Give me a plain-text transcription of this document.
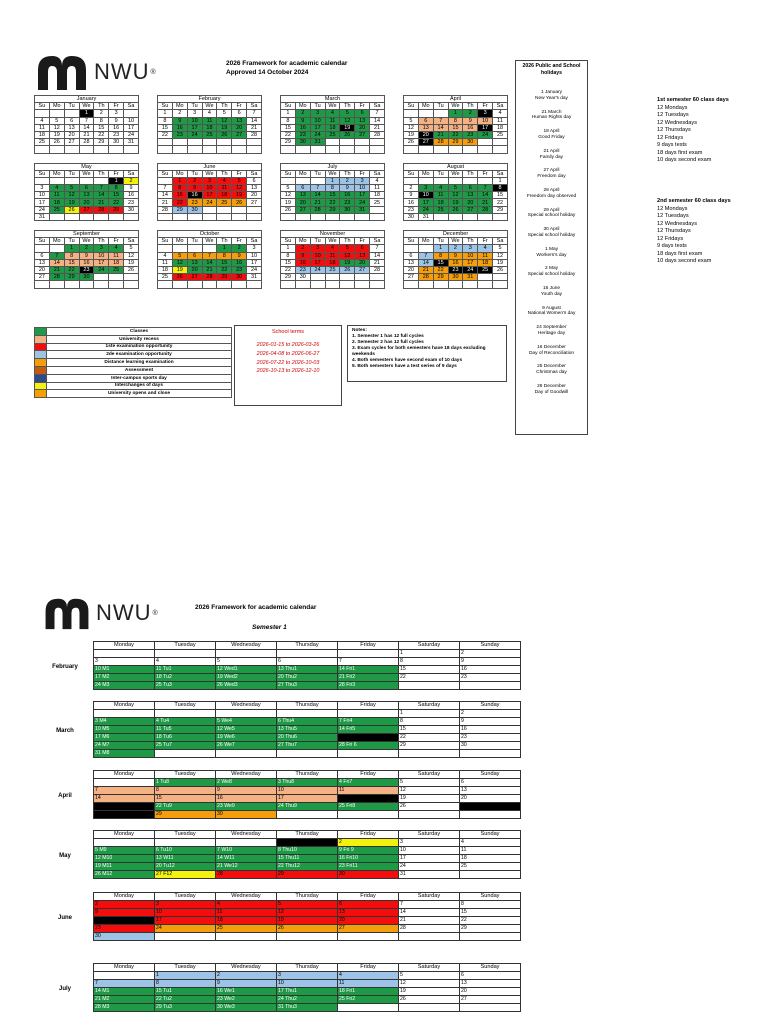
NWU ®
2026 Framework for academic calendar
Approved 14 October 2024
January						
Su	Mo	Tu	We	Th	Fr	Sa
			1	2	3	
4	5	6	7	8	9	10
11	12	13	14	15	16	17
18	19	20	21	22	23	24
25	26	27	28	29	30	31

February						
Su	Mo	Tu	We	Th	Fr	Sa
1	2	3	4	5	6	7
8	9	10	11	12	13	14
15	16	17	18	19	20	21
22	23	24	25	26	27	28

March						
Su	Mo	Tu	We	Th	Fr	Sa
1	2	3	4	5	6	7
8	9	10	11	12	13	14
15	16	17	18	19	20	21
22	23	24	25	26	27	28
29	30	31				

April						
Su	Mo	Tu	We	Th	Fr	Sa
			1	2	3	4
5	6	7	8	9	10	11
12	13	14	15	16	17	18
19	20	21	22	23	24	25
26	27	28	29	30		

May						
Su	Mo	Tu	We	Th	Fr	Sa
					1	2
3	4	5	6	7	8	9
10	11	12	13	14	15	16
17	18	19	20	21	22	23
24	25	26	27	28	29	30
31						
June						
Su	Mo	Tu	We	Th	Fr	Sa
	1	2	3	4	5	6
7	8	9	10	11	12	13
14	15	16	17	18	19	20
21	22	23	24	25	26	27
28	29	30				

July						
Su	Mo	Tu	We	Th	Fr	Sa
			1	2	3	4
5	6	7	8	9	10	11
12	13	14	15	16	17	18
19	20	21	22	23	24	25
26	27	28	29	30	31	

August						
Su	Mo	Tu	We	Th	Fr	Sa
						1
2	3	4	5	6	7	8
9	10	11	12	13	14	15
16	17	18	19	20	21	22
23	24	25	26	27	28	29
30	31					
September						
Su	Mo	Tu	We	Th	Fr	Sa
		1	2	3	4	5
6	7	8	9	10	11	12
13	14	15	16	17	18	19
20	21	22	23	24	25	26
27	28	29	30			

October						
Su	Mo	Tu	We	Th	Fr	Sa
				1	2	3
4	5	6	7	8	9	10
11	12	13	14	15	16	17
18	19	20	21	22	23	24
25	26	27	28	29	30	31

November						
Su	Mo	Tu	We	Th	Fr	Sa
1	2	3	4	5	6	7
8	9	10	11	12	13	14
15	16	17	18	19	20	21
22	23	24	25	26	27	28
29	30					

December						
Su	Mo	Tu	We	Th	Fr	Sa
		1	2	3	4	5
6	7	8	9	10	11	12
13	14	15	16	17	18	19
20	21	22	23	24	25	26
27	28	29	30	31		

	Classes
	University recess
	1ste examination opportunity
	2de examination opportunity
	Distance learning examination
	Assessment
	Inter-campus sports day
	Interchanges of days
	University opens and close
School terms
2026-01-15 to 2026-03-26
2026-04-08 to 2026-06-27
2026-07-22 to 2026-10-03
2026-10-13 to 2026-12-10
Notes:
1. Semester 1 has 12 full cycles
2. Semester 2 has 12 full cycles
3. Exam cycles for both semesters have 18 days excluding weekends
4. Both semesters have second exam of 10 days
5. Both semesters have a test series of 9 days
2026 Public and School holidays
1 January
New Year's day
21 March
Human Rights day
18 April
Good Friday
21 April
Family day
27 April
Freedom day
28 April
Freedom day observed
29 April
Special school holiday
30 April
Special school holiday
1 May
Workers's day
2 May
Special school holiday
16 June
Youth day
9 August
National Women's day
24 September
Heritage day
16 December
Day of Reconciliation
25 December
Christmas day
26 December
Day of Goodwill
1st semester 60 class days
12 Mondays
12 Tuesdays
12 Wednesdays
12 Thursdays
12 Fridays
9 days tests
18 days first exam
10 days second exam
2nd semester 60 class days
12 Mondays
12 Tuesdays
12 Wednesdays
12 Thursdays
12 Fridays
9 days tests
18 days first exam
10 days second exam
NWU ®
2026 Framework for academic calendar
Semester 1
February
Monday	Tuesday	Wednesday	Thursday	Friday	Saturday	Sunday
					1	2
3	4	5	6	7	8	9
10 M1	11 Tu1	12 Wed1	13 Thu1	14 Fri1	15	16
17 M2	18 Tu2	19 Wed2	20 Thu2	21 Fri2	22	23
24 M3	25 Tu3	26 Wed3	27 Thu3	28 Fri3		
March
Monday	Tuesday	Wednesday	Thursday	Friday	Saturday	Sunday
					1	2
3 M4	4 Tu4	5 We4	6 Thu4	7 Fri4	8	9
10 M5	11 Tu5	12 We5	13 Thu5	14 Fri5	15	16
17 M6	18 Tu6	19 We6	20 Thu6	21	22	23
24 M7	25 Tu7	26 We7	27 Thu7	28 Fri 6	29	30
31 M8						
April
Monday	Tuesday	Wednesday	Thursday	Friday	Saturday	Sunday
	1 Tu8	2 We8	3 Thu8	4 Fri7	5	6
7	8	9	10	11	12	13
14	15	16	17	18	19	20
21	22 Tu9	23 We9	24 Thu9	25 Fri8	26	27
28	29	30				
May
Monday	Tuesday	Wednesday	Thursday	Friday	Saturday	Sunday
			1	2	3	4
5 M9	6 Tu10	7 W10	8 Thu10	9 Fri 9	10	11
12 M10	13 W11	14 W11	15 Thu11	16 Fri10	17	18
19 M11	20 Tu12	21 We12	22 Thu12	23 Fri11	24	25
26 M12	27 F12	28	29	30	31	
June
Monday	Tuesday	Wednesday	Thursday	Friday	Saturday	Sunday
2	3	4	5	6	7	8
9	10	11	12	13	14	15
16	17	18	19	20	21	22
23	24	25	26	27	28	29
30						
July
Monday	Tuesday	Wednesday	Thursday	Friday	Saturday	Sunday
	1	2	3	4	5	6
7	8	9	10	11	12	13
14 M1	15 Tu1	16 We1	17 Thu1	18 Fri1	19	20
21 M2	22 Tu2	23 We2	24 Thu2	25 Fri2	26	27
28 M3	29 Tu3	30 We3	31 Thu3			
